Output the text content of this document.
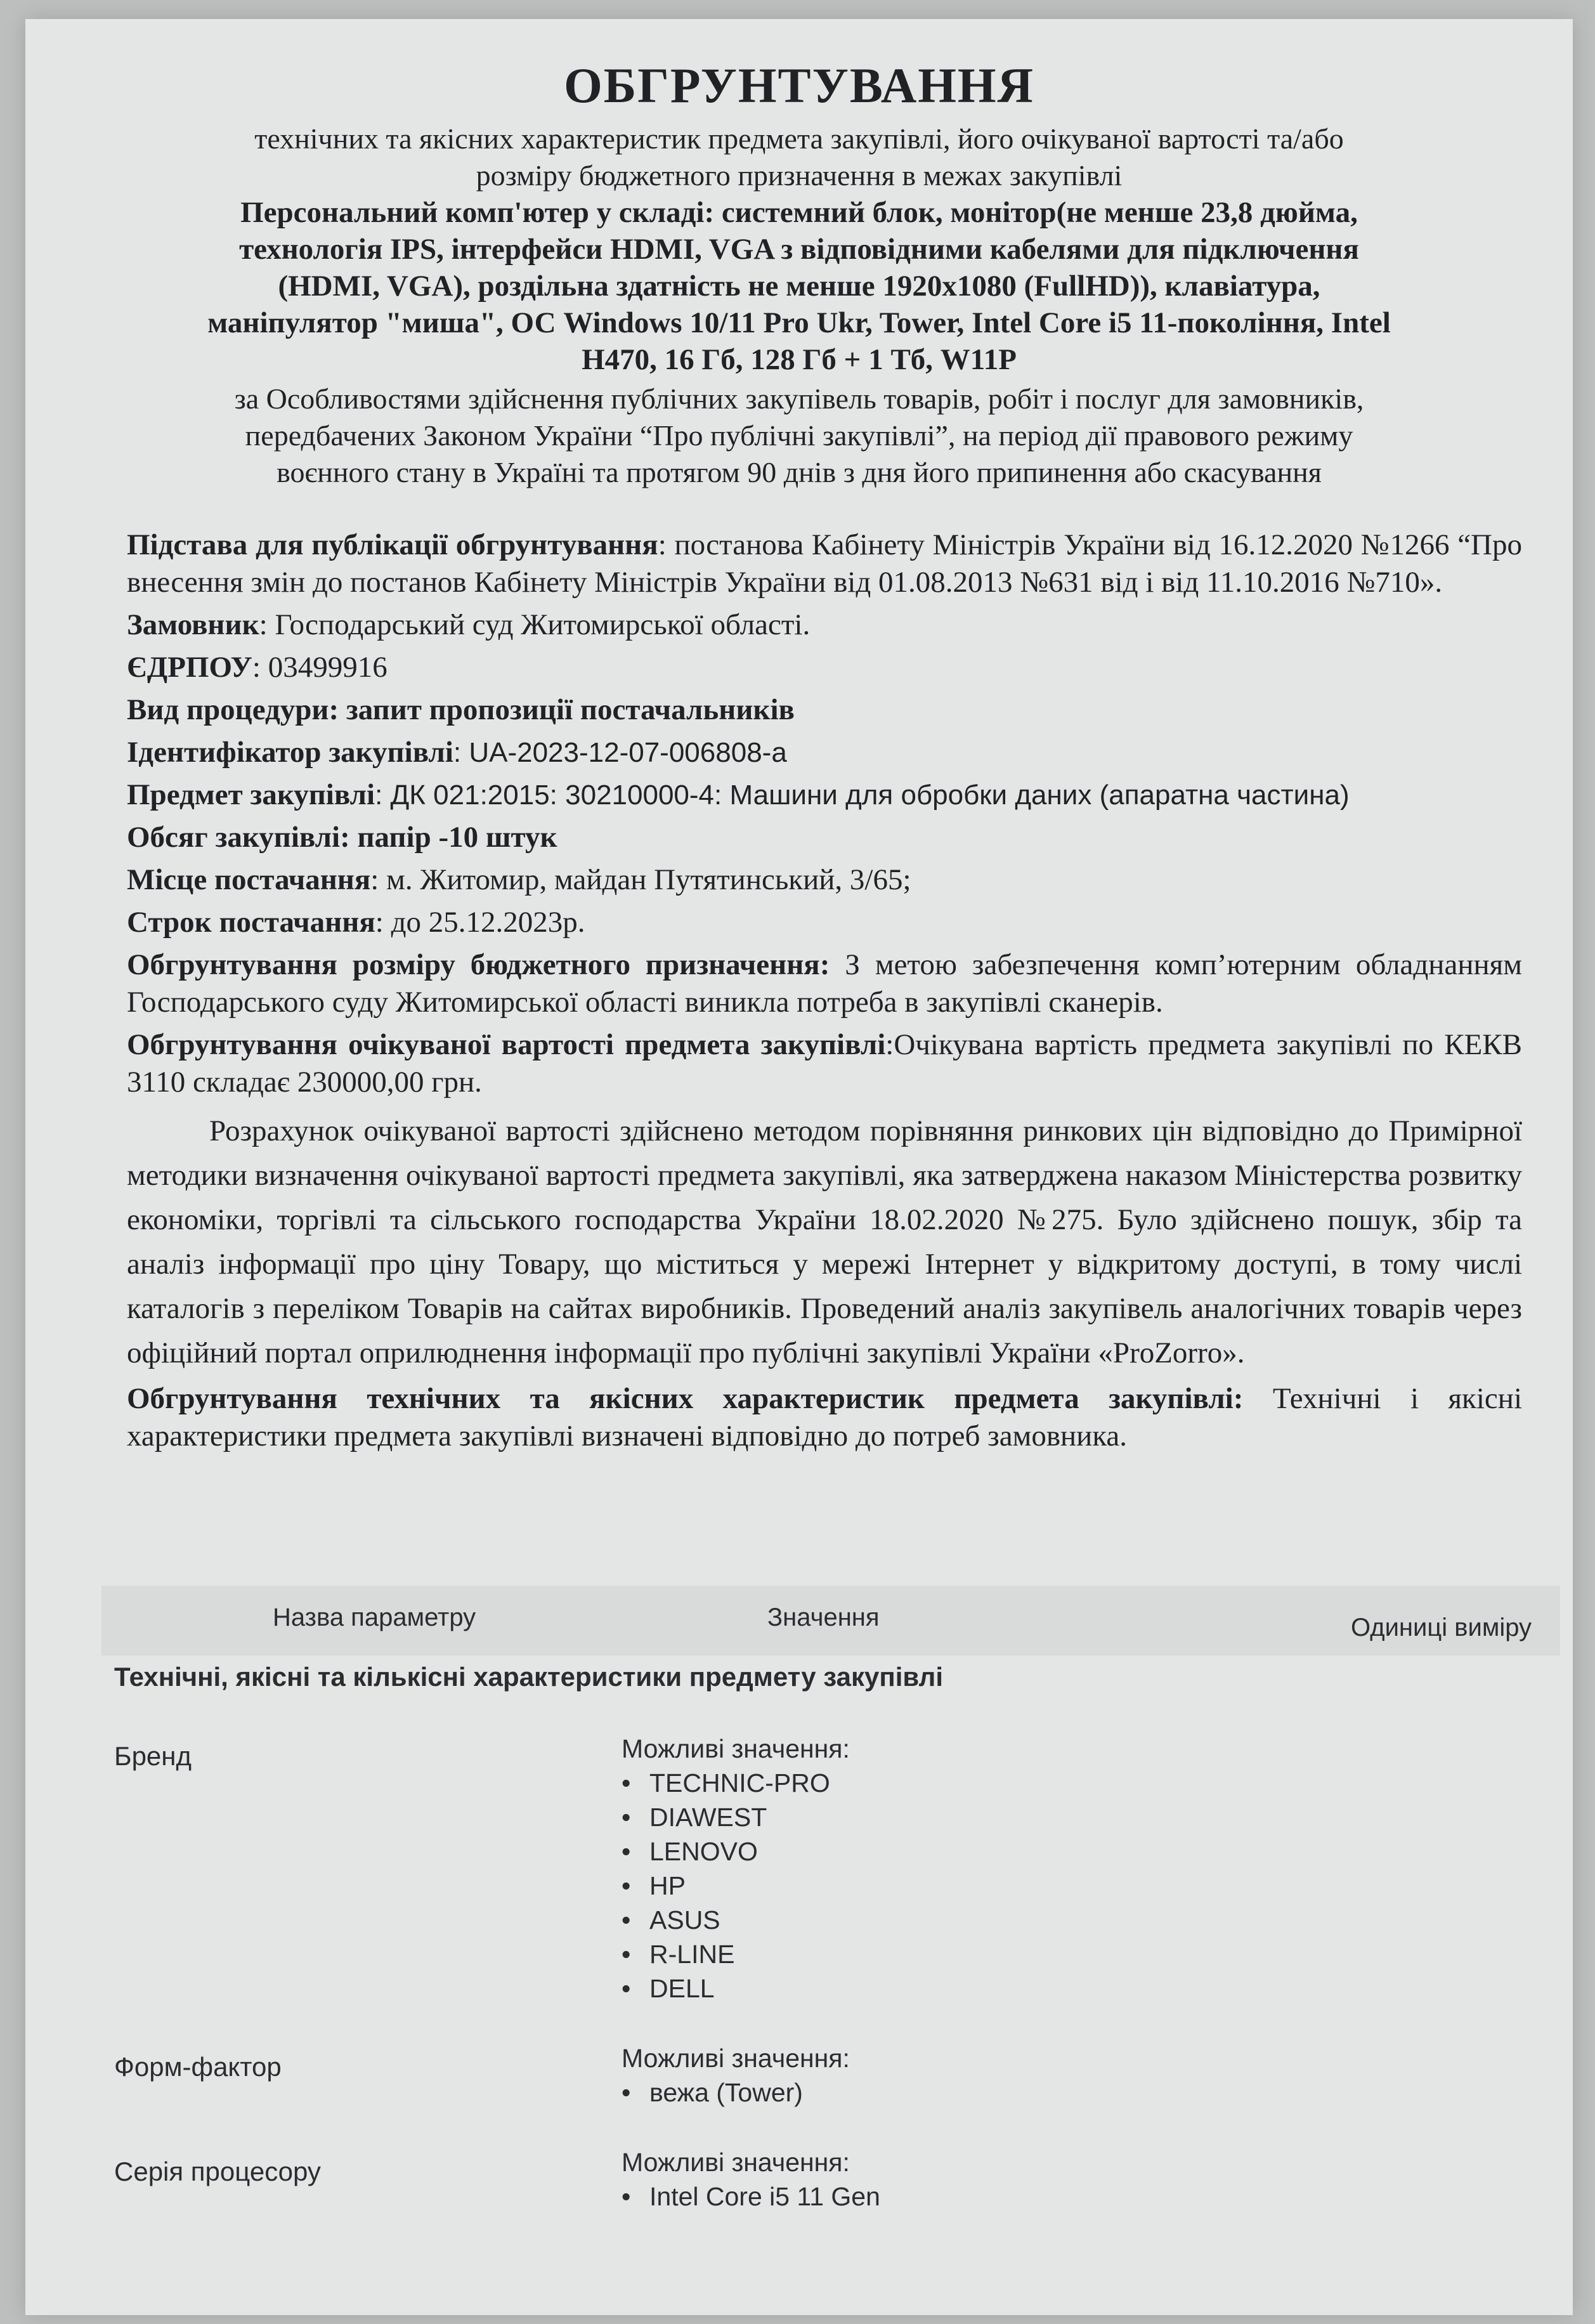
ОБГРУНТУВАННЯ
технічних та якісних характеристик предмета закупівлі, його очікуваної вартості та/або
розміру бюджетного призначення в межах закупівлі
Персональний комп'ютер у складі: системний блок, монітор(не менше 23,8 дюйма,
технологія IPS, інтерфейси HDMI, VGA з відповідними кабелями для підключення
(HDMI, VGA), роздільна здатність не менше 1920x1080 (FullHD)), клавіатура,
маніпулятор "миша", ОС Windows 10/11 Pro Ukr, Tower, Intel Core i5 11-покоління, Intel
H470, 16 Гб, 128 Гб + 1 Тб, W11P
за Особливостями здійснення публічних закупівель товарів, робіт і послуг для замовників,
передбачених Законом України “Про публічні закупівлі”, на період дії правового режиму
воєнного стану в Україні та протягом 90 днів з дня його припинення або скасування

Підстава для публікації обгрунтування: постанова Кабінету Міністрів України від 16.12.2020 №1266 “Про внесення змін до постанов Кабінету Міністрів України від 01.08.2013 №631 від і від 11.10.2016 №710».

Замовник: Господарський суд Житомирської області.

ЄДРПОУ: 03499916

Вид процедури: запит пропозиції постачальників

Ідентифікатор закупівлі: UA-2023-12-07-006808-a

Предмет закупівлі: ДК 021:2015: 30210000-4: Машини для обробки даних (апаратна частина)

Обсяг закупівлі: папір -10 штук

Місце постачання: м. Житомир, майдан Путятинський, 3/65;

Строк постачання: до 25.12.2023р.

Обгрунтування розміру бюджетного призначення: З метою забезпечення комп’ютерним обладнанням Господарського суду Житомирської області виникла потреба в закупівлі сканерів.

Обгрунтування очікуваної вартості предмета закупівлі:Очікувана вартість предмета закупівлі по КЕКВ 3110 складає 230000,00 грн.

Розрахунок очікуваної вартості здійснено методом порівняння ринкових цін відповідно до Примірної методики визначення очікуваної вартості предмета закупівлі, яка затверджена наказом Міністерства розвитку економіки, торгівлі та сільського господарства України 18.02.2020 №275. Було здійснено пошук, збір та аналіз інформації про ціну Товару, що міститься у мережі Інтернет у відкритому доступі, в тому числі каталогів з переліком Товарів на сайтах виробників. Проведений аналіз закупівель аналогічних товарів через офіційний портал оприлюднення інформації про публічні закупівлі України «ProZorro».

Обгрунтування технічних та якісних характеристик предмета закупівлі: Технічні і якісні характеристики предмета закупівлі визначені відповідно до потреб замовника.

Назва параметру	Значення	Одиниці виміру
Технічні, якісні та кількісні характеристики предмету закупівлі
Бренд	Можливі значення:
• TECHNIC-PRO
• DIAWEST
• LENOVO
• HP
• ASUS
• R-LINE
• DELL
Форм-фактор	Можливі значення:
• вежа (Tower)
Серія процесору	Можливі значення:
• Intel Core i5 11 Gen
